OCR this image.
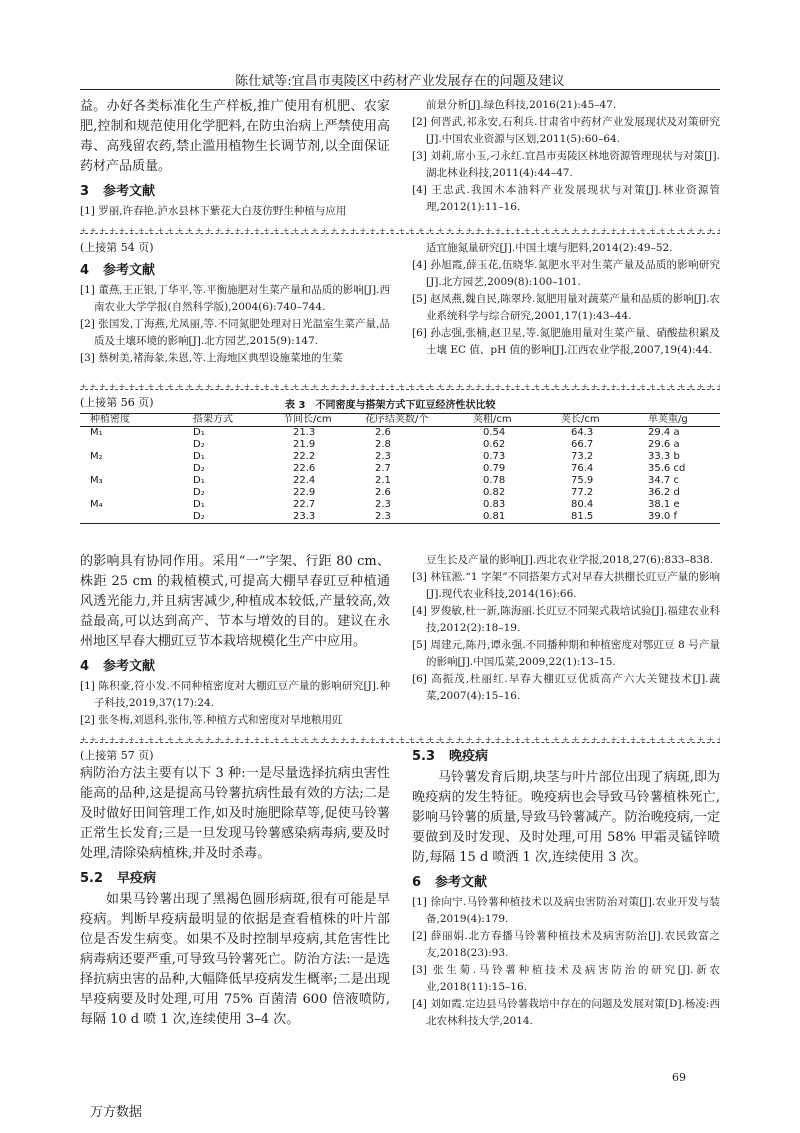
陈仕斌等:宜昌市夷陵区中药材产业发展存在的问题及建议

益。办好各类标准化生产样板,推广使用有机肥、农家肥,控制和规范使用化学肥料,在防虫治病上严禁使用高毒、高残留农药,禁止滥用植物生长调节剂,以全面保证药材产品质量。

3 参考文献

[1] 罗丽,许春艳.泸水县林下紫花大白芨仿野生种植与应用

前景分析[J].绿色科技,2016(21):45–47.

[2] 何晋武,祁永安,石利兵.甘肃省中药材产业发展现状及对策研究[J].中国农业资源与区划,2011(5):60–64.

[3] 刘莉,席小玉,刁永红.宜昌市夷陵区林地资源管理现状与对策[J].湖北林业科技,2011(4):44–47.

[4] 王忠武.我国木本油料产业发展现状与对策[J].林业资源管理,2012(1):11–16.

+ + + + + + + + + + + + + + + + + + + + + + + + + + + + + + + + + + + + + + + + + + + + + + + + + + + + + + + + + + + + + + + + + + + + + + + + + + + + +
(上接第 54 页)
4 参考文献

[1] 董燕,王正银,丁华平,等.平衡施肥对生菜产量和品质的影响[J].西南农业大学学报(自然科学版),2004(6):740–744.

[2] 张国发,丁海燕,尤凤丽,等.不同氮肥处理对日光温室生菜产量,品质及土壤环境的影响[J].北方园艺,2015(9):147.

[3] 蔡树美,褚海彖,朱恩,等.上海地区典型设施菜地的生菜

适宜施氮量研究[J].中国土壤与肥料,2014(2):49–52.

[4] 孙旭霞,薛玉花,伍晓华.氮肥水平对生菜产量及品质的影响研究[J].北方园艺,2009(8):100–101.

[5] 赵凤燕,魏自民,陈翠玲.氮肥用量对蔬菜产量和品质的影响[J].农业系统科学与综合研究,2001,17(1):43–44.

[6] 孙志强,张楠,赵卫星,等.氮肥施用量对生菜产量、硝酸盐积累及土壤 EC 值、pH 值的影响[J].江西农业学报,2007,19(4):44.

+ + + + + + + + + + + + + + + + + + + + + + + + + + + + + + + + + + + + + + + + + + + + + + + + + + + + + + + + + + + + + + + + + + + + + + + + + + + + +
(上接第 56 页)	表 3　不同密度与搭架方式下豇豆经济性状比较
种植密度	搭架方式	节间长/cm	花序结荚数/个	荚粗/cm	荚长/cm	单荚重/g
M₁	D₁	21.3	2.6	0.54	64.3	29.4 a
	D₂	21.9	2.8	0.62	66.7	29.6 a
M₂	D₁	22.2	2.3	0.73	73.2	33.3 b
	D₂	22.6	2.7	0.79	76.4	35.6 cd
M₃	D₁	22.4	2.1	0.78	75.9	34.7 c
	D₂	22.9	2.6	0.82	77.2	36.2 d
M₄	D₁	22.7	2.3	0.83	80.4	38.1 e
	D₂	23.3	2.3	0.81	81.5	39.0 f

的影响具有协同作用。采用“一”字架、行距 80 cm、株距 25 cm 的栽植模式,可提高大棚早春豇豆种植通风透光能力,并且病害减少,种植成本较低,产量较高,效益最高,可以达到高产、节本与增效的目的。建议在永州地区早春大棚豇豆节本栽培规模化生产中应用。

4 参考文献

[1] 陈积豪,符小发.不同种植密度对大棚豇豆产量的影响研究[J].种子科技,2019,37(17):24.

[2] 张冬梅,刘恩科,张伟,等.种植方式和密度对旱地粮用豇

豆生长及产量的影响[J].西北农业学报,2018,27(6):833–838.

[3] 林钰淞.“1 字架”不同搭架方式对早春大拱棚长豇豆产量的影响[J].现代农业科技,2014(16):66.

[4] 罗俊敏,杜一新,陈海丽.长豇豆不同架式栽培试验[J].福建农业科技,2012(2):18–19.

[5] 周建元,陈丹,谭永强.不同播种期和种植密度对鄂豇豆 8 号产量的影响[J].中国瓜菜,2009,22(1):13–15.

[6] 高振茂,杜丽红.早春大棚豇豆优质高产六大关键技术[J].蔬菜,2007(4):15–16.

+ + + + + + + + + + + + + + + + + + + + + + + + + + + + + + + + + + + + + + + + + + + + + + + + + + + + + + + + + + + + + + + + + + + + + + + + + + + + +
(上接第 57 页)

病防治方法主要有以下 3 种:一是尽量选择抗病虫害性能高的品种,这是提高马铃薯抗病性最有效的方法;二是及时做好田间管理工作,如及时施肥除草等,促使马铃薯正常生长发育;三是一旦发现马铃薯感染病毒病,要及时处理,清除染病植株,并及时杀毒。

5.2 早疫病

如果马铃薯出现了黑褐色圆形病斑,很有可能是早疫病。判断早疫病最明显的依据是查看植株的叶片部位是否发生病变。如果不及时控制早疫病,其危害性比病毒病还要严重,可导致马铃薯死亡。防治方法:一是选择抗病虫害的品种,大幅降低早疫病发生概率;二是出现早疫病要及时处理,可用 75% 百菌清 600 倍液喷防,每隔 10 d 喷 1 次,连续使用 3–4 次。

5.3 晚疫病

马铃薯发育后期,块茎与叶片部位出现了病斑,即为晚疫病的发生特征。晚疫病也会导致马铃薯植株死亡,影响马铃薯的质量,导致马铃薯减产。防治晚疫病,一定要做到及时发现、及时处理,可用 58% 甲霜灵锰锌喷防,每隔 15 d 喷洒 1 次,连续使用 3 次。

6 参考文献

[1] 徐向宁.马铃薯种植技术以及病虫害防治对策[J].农业开发与装备,2019(4):179.

[2] 薛丽娟.北方春播马铃薯种植技术及病害防治[J].农民致富之友,2018(23):93.

[3] 张生菊.马铃薯种植技术及病害防治的研究[J].新农业,2018(11):15–16.

[4] 刘如霞.定边县马铃薯栽培中存在的问题及发展对策[D].杨凌:西北农林科技大学,2014.

69
万方数据
